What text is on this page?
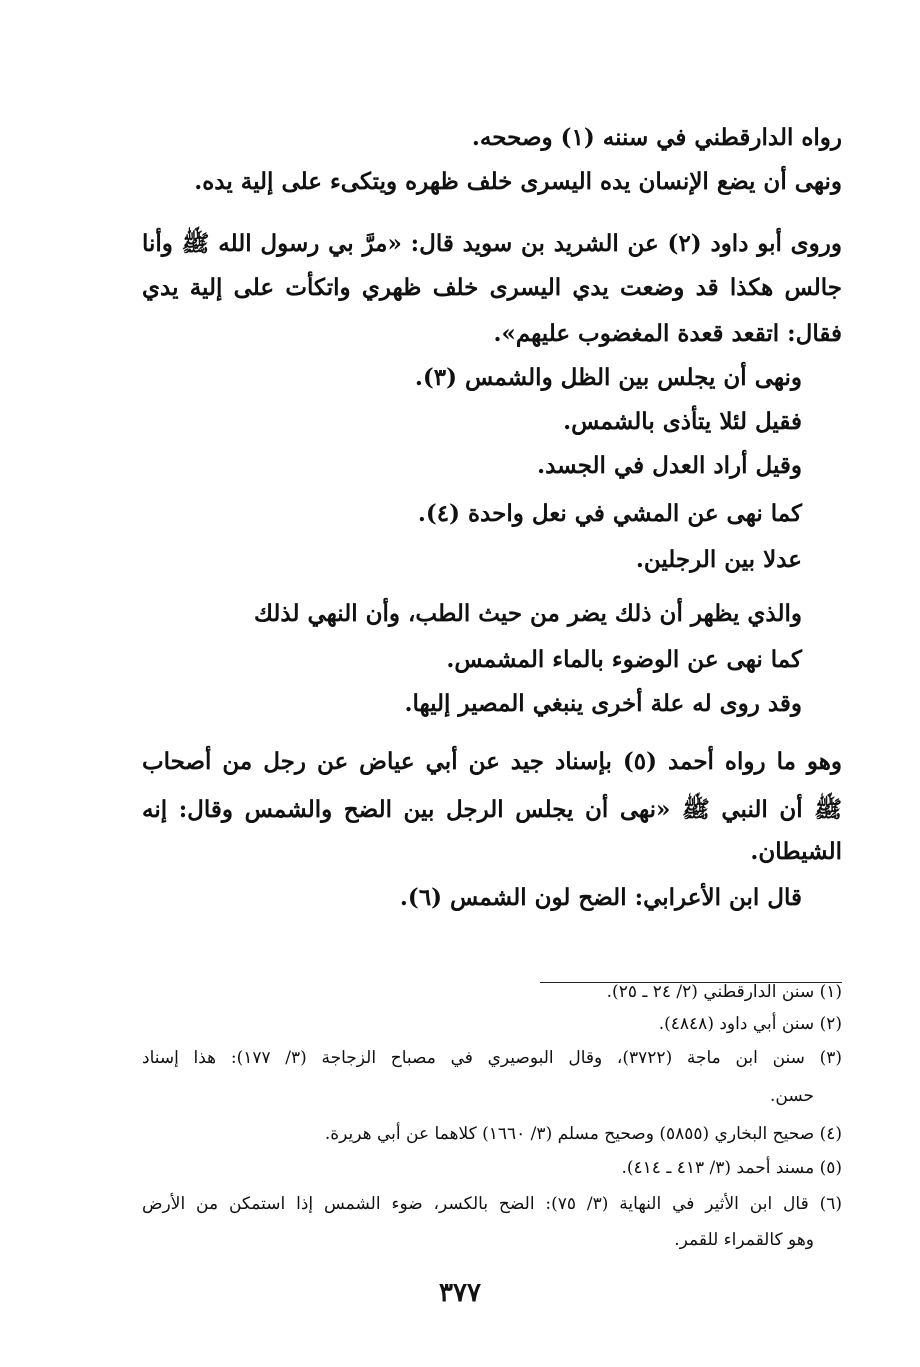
رواه الدارقطني في سننه (١) وصححه.
ونهى أن يضع الإنسان يده اليسرى خلف ظهره ويتكىء على إلية يده.
وروى أبو داود (٢) عن الشريد بن سويد قال: «مرَّ بي رسول الله ﷺ وأنا
جالس هكذا قد وضعت يدي اليسرى خلف ظهري واتكأت على إلية يدي
فقال: اتقعد قعدة المغضوب عليهم».
ونهى أن يجلس بين الظل والشمس (٣).
فقيل لئلا يتأذى بالشمس.
وقيل أراد العدل في الجسد.
كما نهى عن المشي في نعل واحدة (٤).
عدلا بين الرجلين.
والذي يظهر أن ذلك يضر من حيث الطب، وأن النهي لذلك
كما نهى عن الوضوء بالماء المشمس.
وقد روى له علة أخرى ينبغي المصير إليها.
وهو ما رواه أحمد (٥) بإسناد جيد عن أبي عياض عن رجل من أصحاب
ﷺ أن النبي ﷺ «نهى أن يجلس الرجل بين الضح والشمس وقال: إنه
الشيطان.
قال ابن الأعرابي: الضح لون الشمس (٦).
(١) سنن الدارقطني (٢/ ٢٤ ـ ٢٥).
(٢) سنن أبي داود (٤٨٤٨).
(٣) سنن ابن ماجة (٣٧٢٢)، وقال البوصيري في مصباح الزجاجة (٣/ ١٧٧): هذا إسناد
حسن.
(٤) صحيح البخاري (٥٨٥٥) وصحيح مسلم (٣/ ١٦٦٠) كلاهما عن أبي هريرة.
(٥) مسند أحمد (٣/ ٤١٣ ـ ٤١٤).
(٦) قال ابن الأثير في النهاية (٣/ ٧٥): الضح بالكسر، ضوء الشمس إذا استمكن من الأرض
وهو كالقمراء للقمر.
٣٧٧
